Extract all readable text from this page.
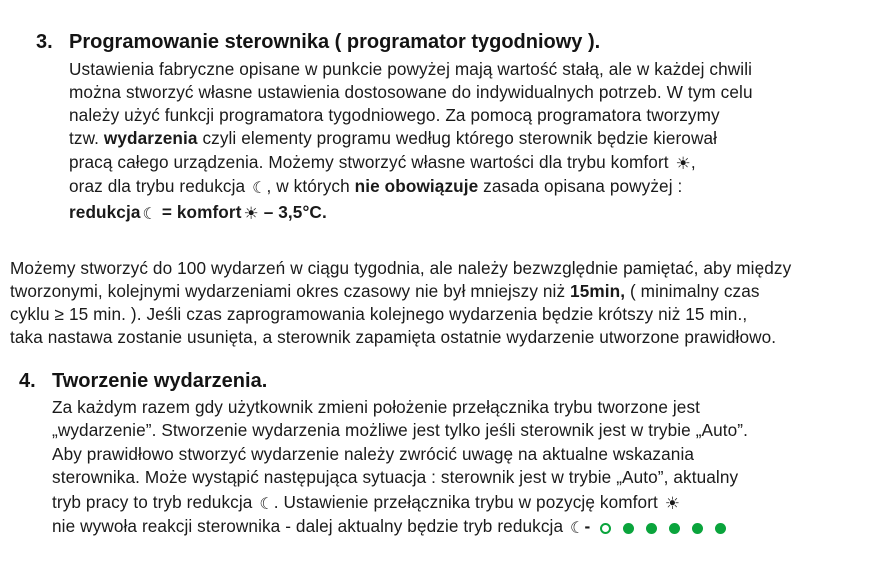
3. Programowanie sterownika ( programator tygodniowy ).
Ustawienia fabryczne opisane w punkcie powyżej mają wartość stałą, ale w każdej chwili
można stworzyć własne ustawienia dostosowane do indywidualnych potrzeb. W tym celu
należy użyć funkcji programatora tygodniowego. Za pomocą programatora tworzymy
tzw. wydarzenia czyli elementy programu według którego sterownik będzie kierował
pracą całego urządzenia. Możemy stworzyć własne wartości dla trybu komfort ☀,
oraz dla trybu redukcja ☾, w których nie obowiązuje zasada opisana powyżej :
redukcja ☾ = komfort ☀ – 3,5°C.
Możemy stworzyć do 100 wydarzeń w ciągu tygodnia, ale należy bezwzględnie pamiętać, aby między
tworzonymi, kolejnymi wydarzeniami okres czasowy nie był mniejszy niż 15min, ( minimalny czas
cyklu ≥ 15 min. ). Jeśli czas zaprogramowania kolejnego wydarzenia będzie krótszy niż 15 min.,
taka nastawa zostanie usunięta, a sterownik zapamięta ostatnie wydarzenie utworzone prawidłowo.
4. Tworzenie wydarzenia.
Za każdym razem gdy użytkownik zmieni położenie przełącznika trybu tworzone jest
„wydarzenie”. Stworzenie wydarzenia możliwe jest tylko jeśli sterownik jest w trybie „Auto”.
Aby prawidłowo stworzyć wydarzenie należy zwrócić uwagę na aktualne wskazania
sterownika. Może wystąpić następująca sytuacja : sterownik jest w trybie „Auto”, aktualny
tryb pracy to tryb redukcja ☾. Ustawienie przełącznika trybu w pozycję komfort ☀
nie wywoła reakcji sterownika - dalej aktualny będzie tryb redukcja ☾-
